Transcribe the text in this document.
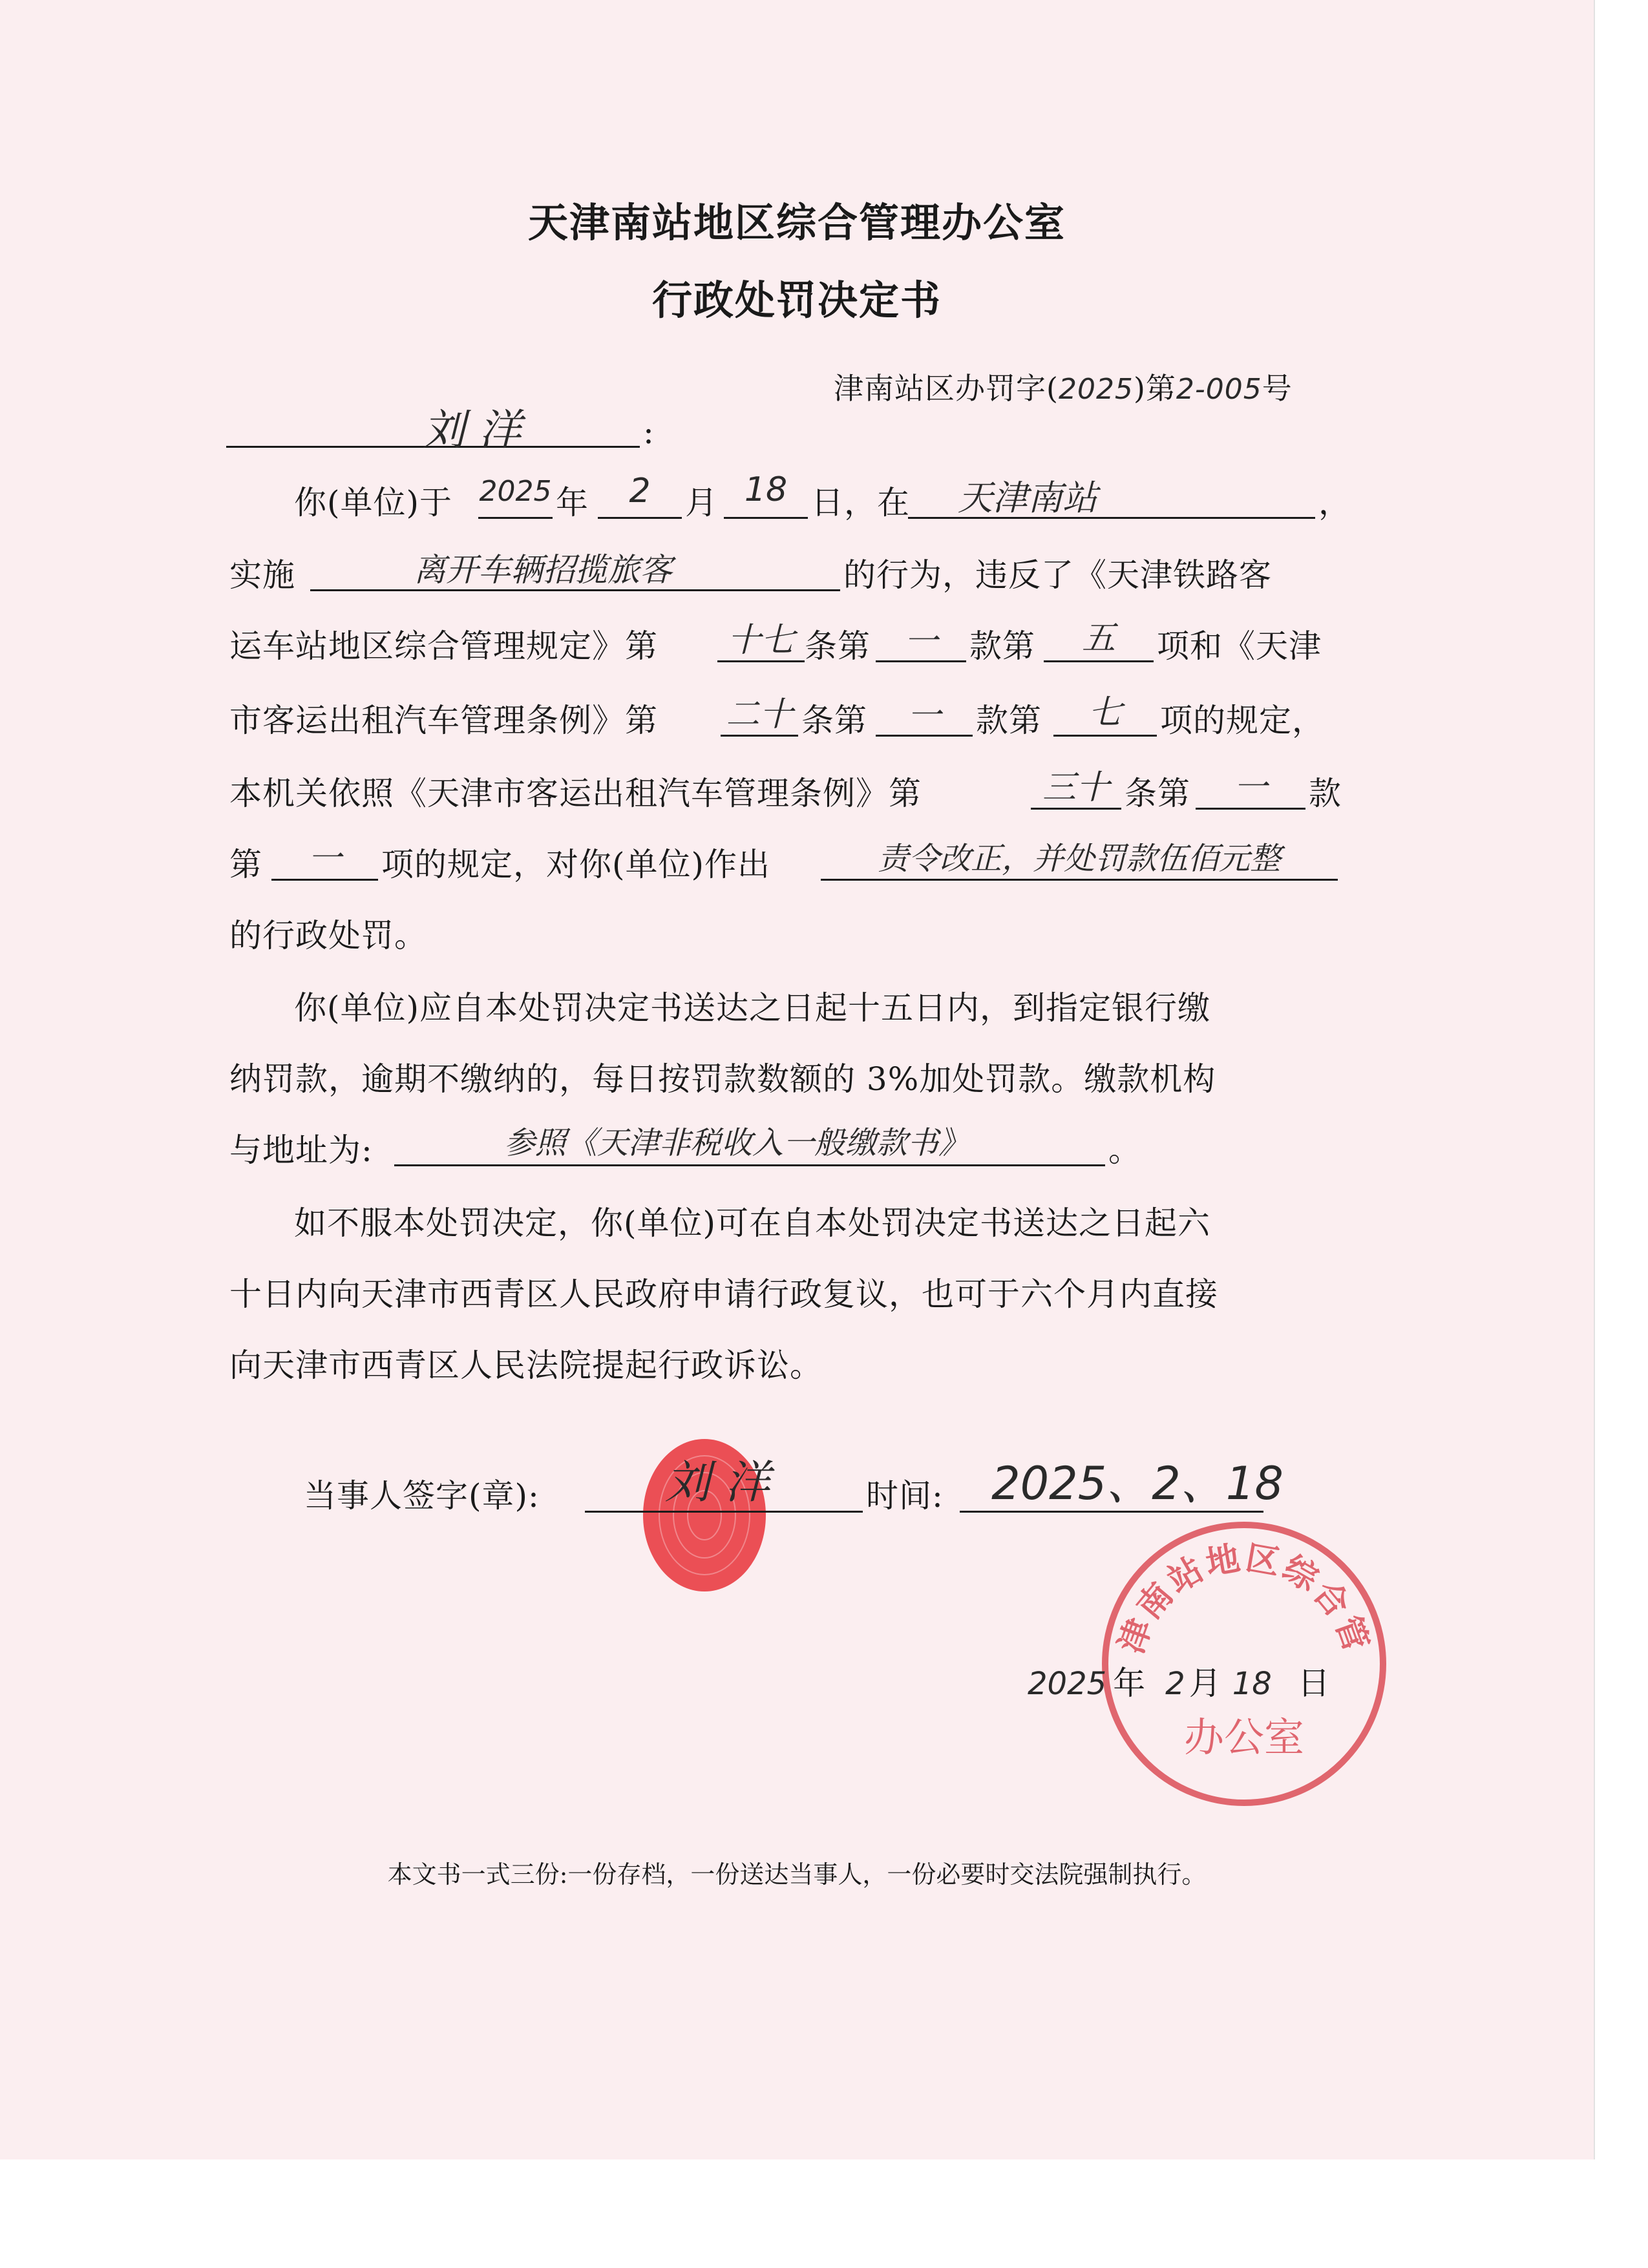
天津南站地区综合管理办公室
行政处罚决定书
津南站区办罚字(2025)第2-005号
刘 洋	:
你(单位)于 2025 年	2	月 18 日，在	天津南站	，
实施	离开车辆招揽旅客	的行为，违反了《天津铁路客
运车站地区综合管理规定》第 十七 条第 一 款第	五	项和《天津
市客运出租汽车管理条例》第 二十 条第	一	款第	七	项的规定，
本机关依照《天津市客运出租汽车管理条例》第	三十 条第	一	款
第	一	项的规定，对你(单位)作出	责令改正，并处罚款伍佰元整
的行政处罚。
你(单位)应自本处罚决定书送达之日起十五日内，到指定银行缴
纳罚款，逾期不缴纳的，每日按罚款数额的 3%加处罚款。缴款机构
与地址为:	参照《天津非税收入一般缴款书》	。
如不服本处罚决定，你(单位)可在自本处罚决定书送达之日起六
十日内向天津市西青区人民政府申请行政复议，也可于六个月内直接
向天津市西青区人民法院提起行政诉讼。
当事人签字(章):	刘 洋	时间:	2025、2、18
津南站地区综合管
办公室
2025 年 2 月 18 日
本文书一式三份:一份存档，一份送达当事人，一份必要时交法院强制执行。
